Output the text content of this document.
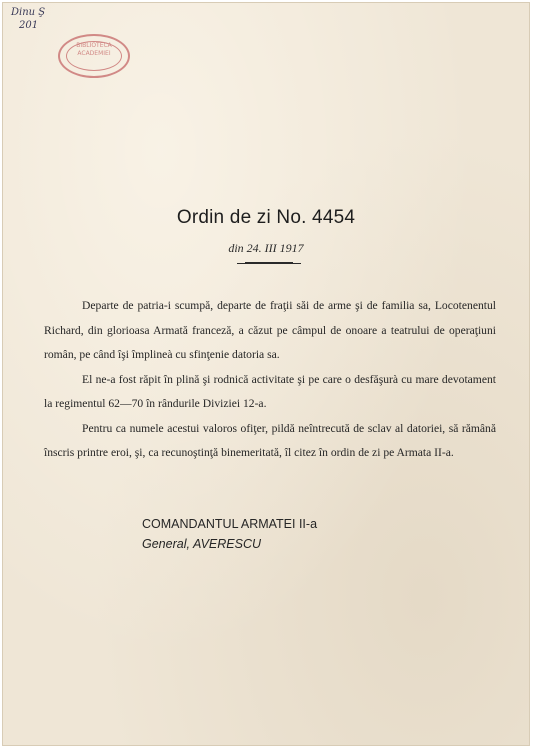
Dinu Ş
201
BIBLIOTECA
ACADEMIEI
Ordin de zi No. 4454
din 24. III 1917

Departe de patria-i scumpă, departe de fraţii săi de arme şi de familia sa, Locotenentul Richard, din glorioasa Armată franceză, a căzut pe câmpul de onoare a teatrului de operaţiuni român, pe când îşi împlineà cu sfinţenie datoria sa.

El ne-a fost răpit în plină şi rodnică activitate şi pe care o desfăşurà cu mare devotament la regimentul 62—70 în rândurile Diviziei 12-a.

Pentru ca numele acestui valoros ofiţer, pildă neîntrecută de sclav al datoriei, să rămână înscris printre eroi, şi, ca recunoştinţă binemeritată, îl citez în ordin de zi pe Armata II-a.

COMANDANTUL ARMATEI II-a
General, AVERESCU
